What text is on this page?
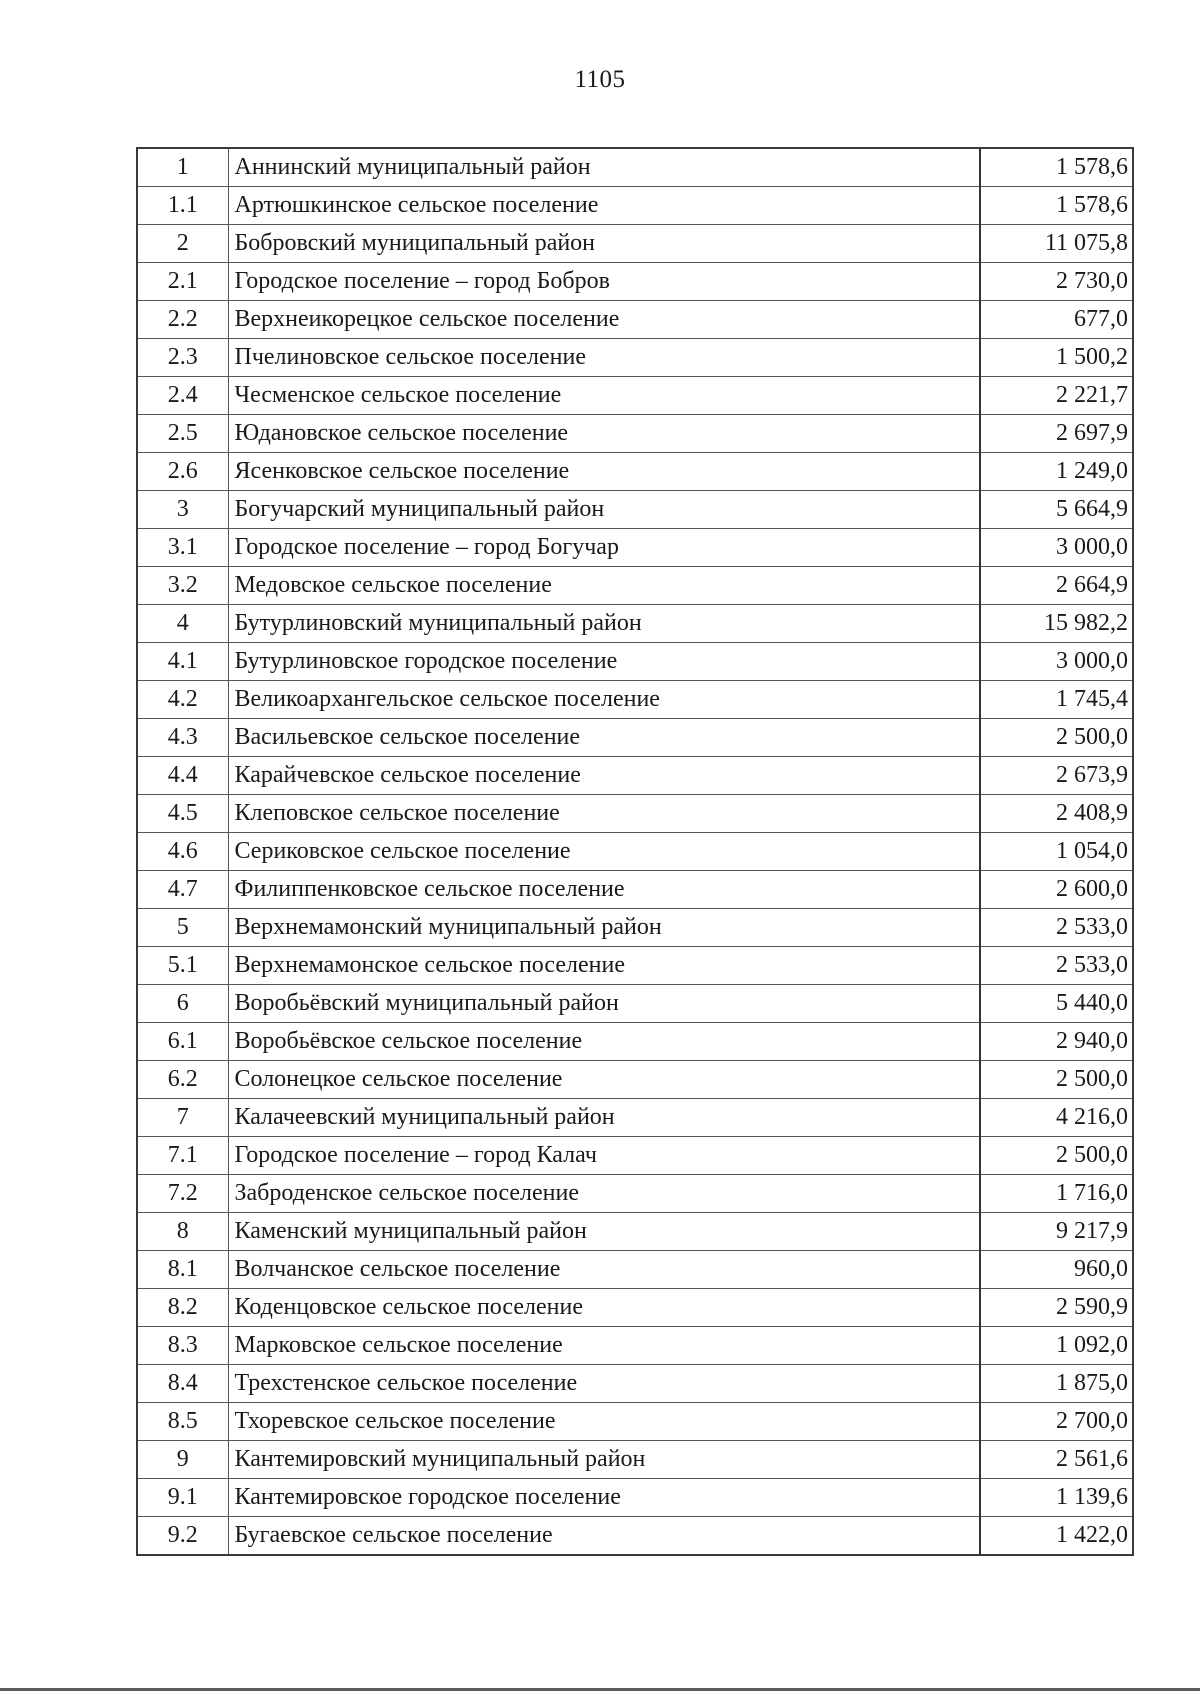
1105
1	Аннинский муниципальный район	1 578,6
1.1	Артюшкинское сельское поселение	1 578,6
2	Бобровский муниципальный район	11 075,8
2.1	Городское поселение – город Бобров	2 730,0
2.2	Верхнеикорецкое сельское поселение	677,0
2.3	Пчелиновское сельское поселение	1 500,2
2.4	Чесменское сельское поселение	2 221,7
2.5	Юдановское сельское поселение	2 697,9
2.6	Ясенковское сельское поселение	1 249,0
3	Богучарский муниципальный район	5 664,9
3.1	Городское поселение – город Богучар	3 000,0
3.2	Медовское сельское поселение	2 664,9
4	Бутурлиновский муниципальный район	15 982,2
4.1	Бутурлиновское городское поселение	3 000,0
4.2	Великоархангельское сельское поселение	1 745,4
4.3	Васильевское сельское поселение	2 500,0
4.4	Карайчевское сельское поселение	2 673,9
4.5	Клеповское сельское поселение	2 408,9
4.6	Сериковское сельское поселение	1 054,0
4.7	Филиппенковское сельское поселение	2 600,0
5	Верхнемамонский муниципальный район	2 533,0
5.1	Верхнемамонское сельское поселение	2 533,0
6	Воробьёвский муниципальный район	5 440,0
6.1	Воробьёвское сельское поселение	2 940,0
6.2	Солонецкое сельское поселение	2 500,0
7	Калачеевский муниципальный район	4 216,0
7.1	Городское поселение – город Калач	2 500,0
7.2	Заброденское сельское поселение	1 716,0
8	Каменский муниципальный район	9 217,9
8.1	Волчанское сельское поселение	960,0
8.2	Коденцовское сельское поселение	2 590,9
8.3	Марковское сельское поселение	1 092,0
8.4	Трехстенское сельское поселение	1 875,0
8.5	Тхоревское сельское поселение	2 700,0
9	Кантемировский муниципальный район	2 561,6
9.1	Кантемировское городское поселение	1 139,6
9.2	Бугаевское сельское поселение	1 422,0
